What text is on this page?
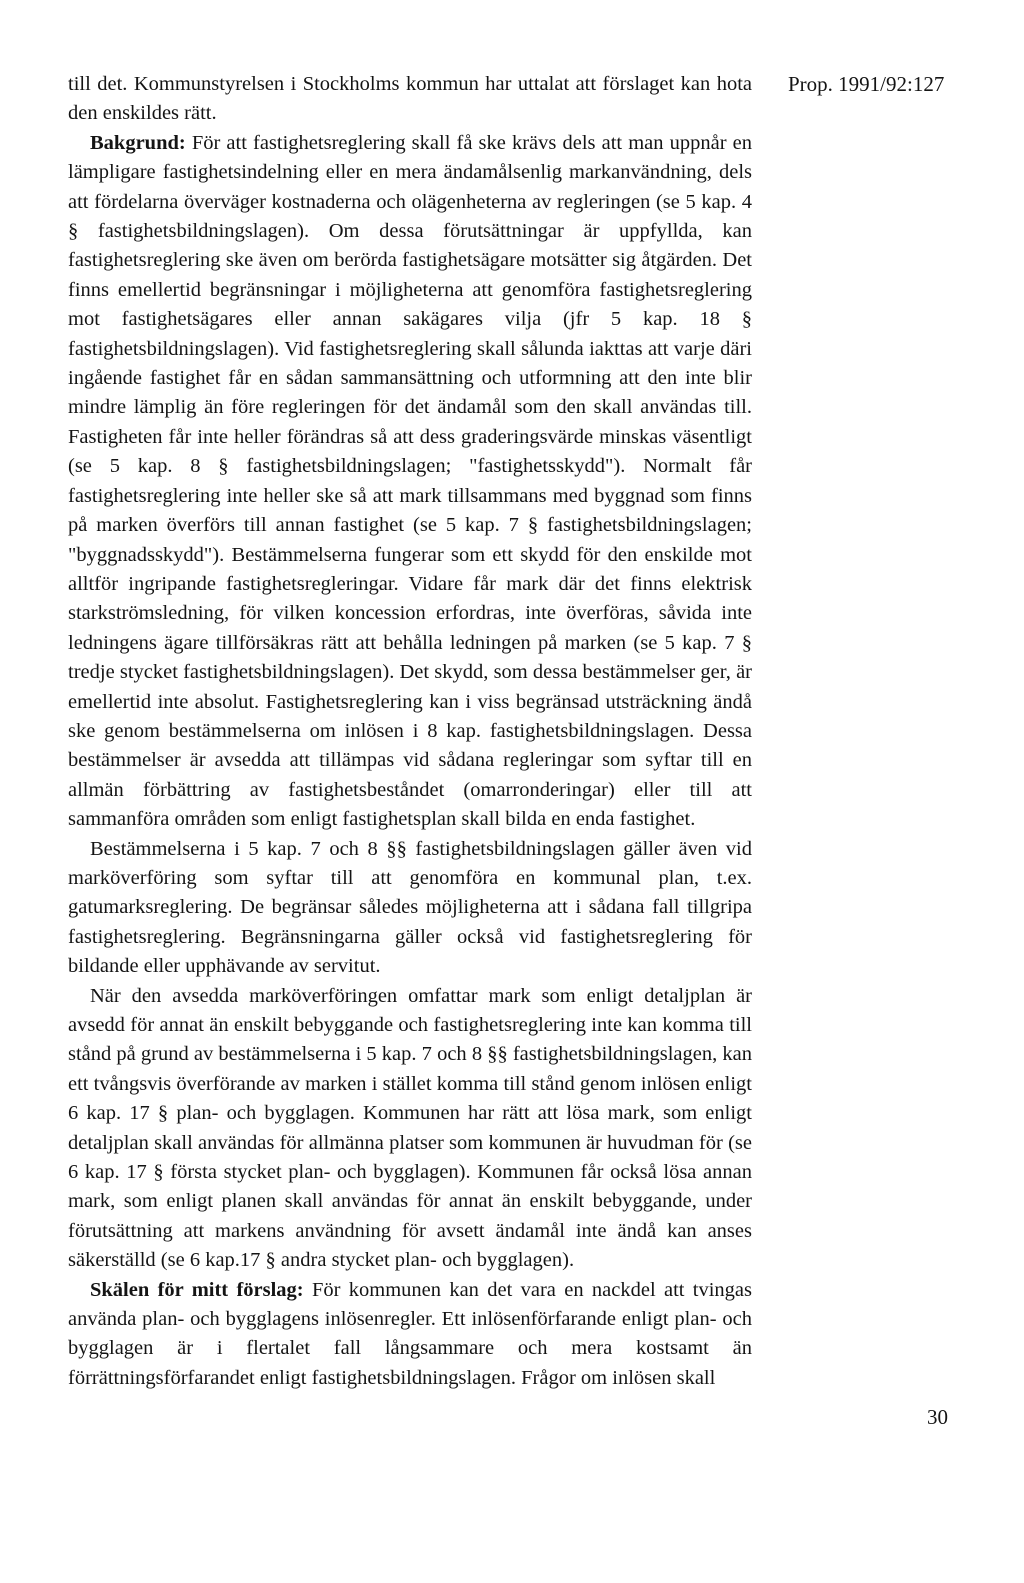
Prop. 1991/92:127

till det. Kommunstyrelsen i Stockholms kommun har uttalat att förslaget kan hota den enskildes rätt.

Bakgrund: För att fastighetsreglering skall få ske krävs dels att man uppnår en lämpligare fastighetsindelning eller en mera ändamålsenlig markanvändning, dels att fördelarna överväger kostnaderna och olägenheterna av regleringen (se 5 kap. 4 § fastighetsbildningslagen). Om dessa förutsättningar är uppfyllda, kan fastighetsreglering ske även om berörda fastighetsägare motsätter sig åtgärden. Det finns emellertid begränsningar i möjligheterna att genomföra fastighetsreglering mot fastighetsägares eller annan sakägares vilja (jfr 5 kap. 18 § fastighetsbildningslagen). Vid fastighetsreglering skall sålunda iakttas att varje däri ingående fastighet får en sådan sammansättning och utformning att den inte blir mindre lämplig än före regleringen för det ändamål som den skall användas till. Fastigheten får inte heller förändras så att dess graderingsvärde minskas väsentligt (se 5 kap. 8 § fastighetsbildningslagen; "fastighetsskydd"). Normalt får fastighetsreglering inte heller ske så att mark tillsammans med byggnad som finns på marken överförs till annan fastighet (se 5 kap. 7 § fastighetsbildningslagen; "byggnadsskydd"). Bestämmelserna fungerar som ett skydd för den enskilde mot alltför ingripande fastighetsregleringar. Vidare får mark där det finns elektrisk starkströmsledning, för vilken koncession erfordras, inte överföras, såvida inte ledningens ägare tillförsäkras rätt att behålla ledningen på marken (se 5 kap. 7 § tredje stycket fastighetsbildningslagen). Det skydd, som dessa bestämmelser ger, är emellertid inte absolut. Fastighetsreglering kan i viss begränsad utsträckning ändå ske genom bestämmelserna om inlösen i 8 kap. fastighetsbildningslagen. Dessa bestämmelser är avsedda att tillämpas vid sådana regleringar som syftar till en allmän förbättring av fastighetsbeståndet (omarronderingar) eller till att sammanföra områden som enligt fastighetsplan skall bilda en enda fastighet.

Bestämmelserna i 5 kap. 7 och 8 §§ fastighetsbildningslagen gäller även vid marköverföring som syftar till att genomföra en kommunal plan, t.ex. gatumarksreglering. De begränsar således möjligheterna att i sådana fall tillgripa fastighetsreglering. Begränsningarna gäller också vid fastighetsreglering för bildande eller upphävande av servitut.

När den avsedda marköverföringen omfattar mark som enligt detaljplan är avsedd för annat än enskilt bebyggande och fastighetsreglering inte kan komma till stånd på grund av bestämmelserna i 5 kap. 7 och 8 §§ fastighetsbildningslagen, kan ett tvångsvis överförande av marken i stället komma till stånd genom inlösen enligt 6 kap. 17 § plan- och bygglagen. Kommunen har rätt att lösa mark, som enligt detaljplan skall användas för allmänna platser som kommunen är huvudman för (se 6 kap. 17 § första stycket plan- och bygglagen). Kommunen får också lösa annan mark, som enligt planen skall användas för annat än enskilt bebyggande, under förutsättning att markens användning för avsett ändamål inte ändå kan anses säkerställd (se 6 kap.17 § andra stycket plan- och bygglagen).

Skälen för mitt förslag: För kommunen kan det vara en nackdel att tvingas använda plan- och bygglagens inlösenregler. Ett inlösenförfarande enligt plan- och bygglagen är i flertalet fall långsammare och mera kostsamt än förrättningsförfarandet enligt fastighetsbildningslagen. Frågor om inlösen skall

30
